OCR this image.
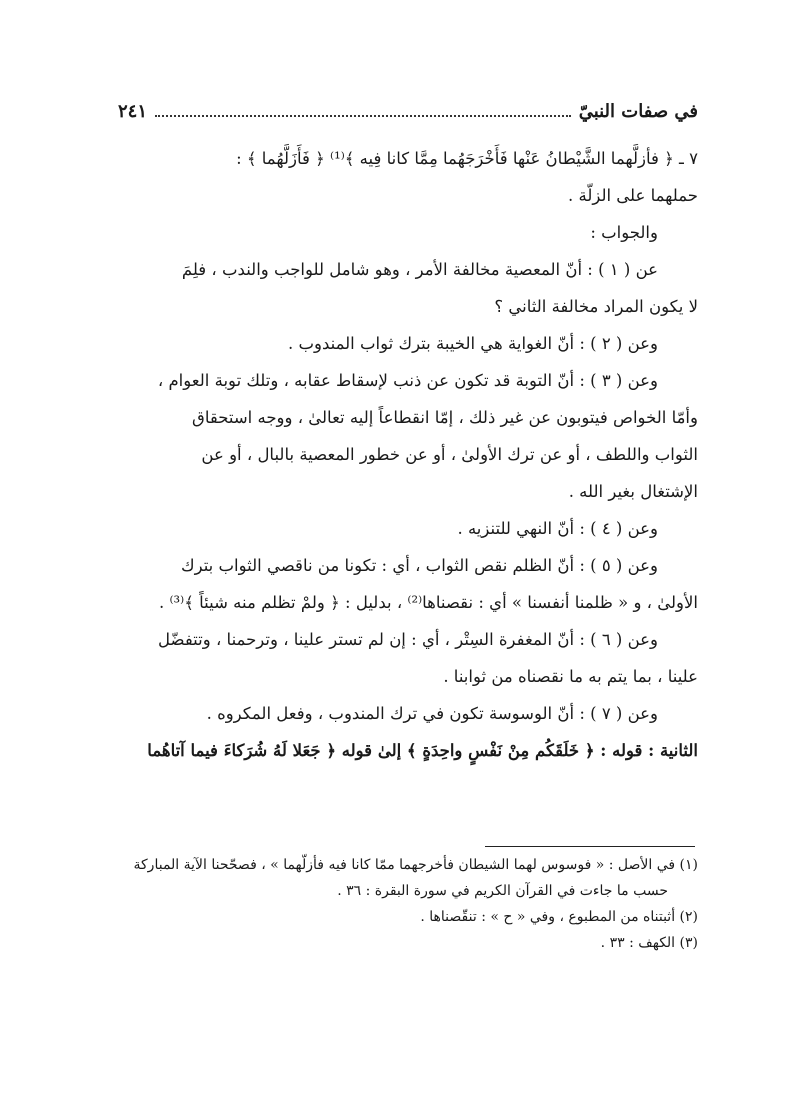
في صفات النبيّ
٢٤١

٧ ـ ﴿ فأزلَّهما الشَّيْطانُ عَنْها فَأَخْرَجَهُما مِمَّا كانا فِيه ﴾⁽¹⁾ ﴿ فَأَزَلَّهُما ﴾ :

حملهما على الزلّة .

والجواب :

عن ( ١ ) : أنّ المعصية مخالفة الأمر ، وهو شامل للواجب والندب ، فلِمَ

لا يكون المراد مخالفة الثاني ؟

وعن ( ٢ ) : أنّ الغواية هي الخيبة بترك ثواب المندوب .

وعن ( ٣ ) : أنّ التوبة قد تكون عن ذنب لإسقاط عقابه ، وتلك توبة العوام ،

وأمّا الخواص فيتوبون عن غير ذلك ، إمّا انقطاعاً إليه تعالىٰ ، ووجه استحقاق

الثواب واللطف ، أو عن ترك الأولىٰ ، أو عن خطور المعصية بالبال ، أو عن

الإشتغال بغير الله .

وعن ( ٤ ) : أنّ النهي للتنزيه .

وعن ( ٥ ) : أنّ الظلم نقص الثواب ، أي : تكونا من ناقصي الثواب بترك

الأولىٰ ، و « ظلمنا أنفسنا » أي : نقصناها⁽²⁾ ، بدليل : ﴿ ولمْ تظلم منه شيئاً ﴾⁽³⁾ .

وعن ( ٦ ) : أنّ المغفرة السِتْر ، أي : إن لم تستر علينا ، وترحمنا ، وتتفضّل

علينا ، بما يتم به ما نقصناه من ثوابنا .

وعن ( ٧ ) : أنّ الوسوسة تكون في ترك المندوب ، وفعل المكروه .

الثانية : قوله : ﴿ خَلَقَكُم مِنْ نَفْسٍ واحِدَةٍ ﴾ إلىٰ قوله ﴿ جَعَلا لَهُ شُرَكاءَ فيما آتاهُما

(١) في الأصل : « فوسوس لهما الشيطان فأخرجهما ممّا كانا فيه فأزلّهما » ، فصحّحنا الآية المباركة

حسب ما جاءت في القرآن الكريم في سورة البقرة : ٣٦ .

(٢) أثبتناه من المطبوع ، وفي « ح » : تنقّصناها .

(٣) الكهف : ٣٣ .
